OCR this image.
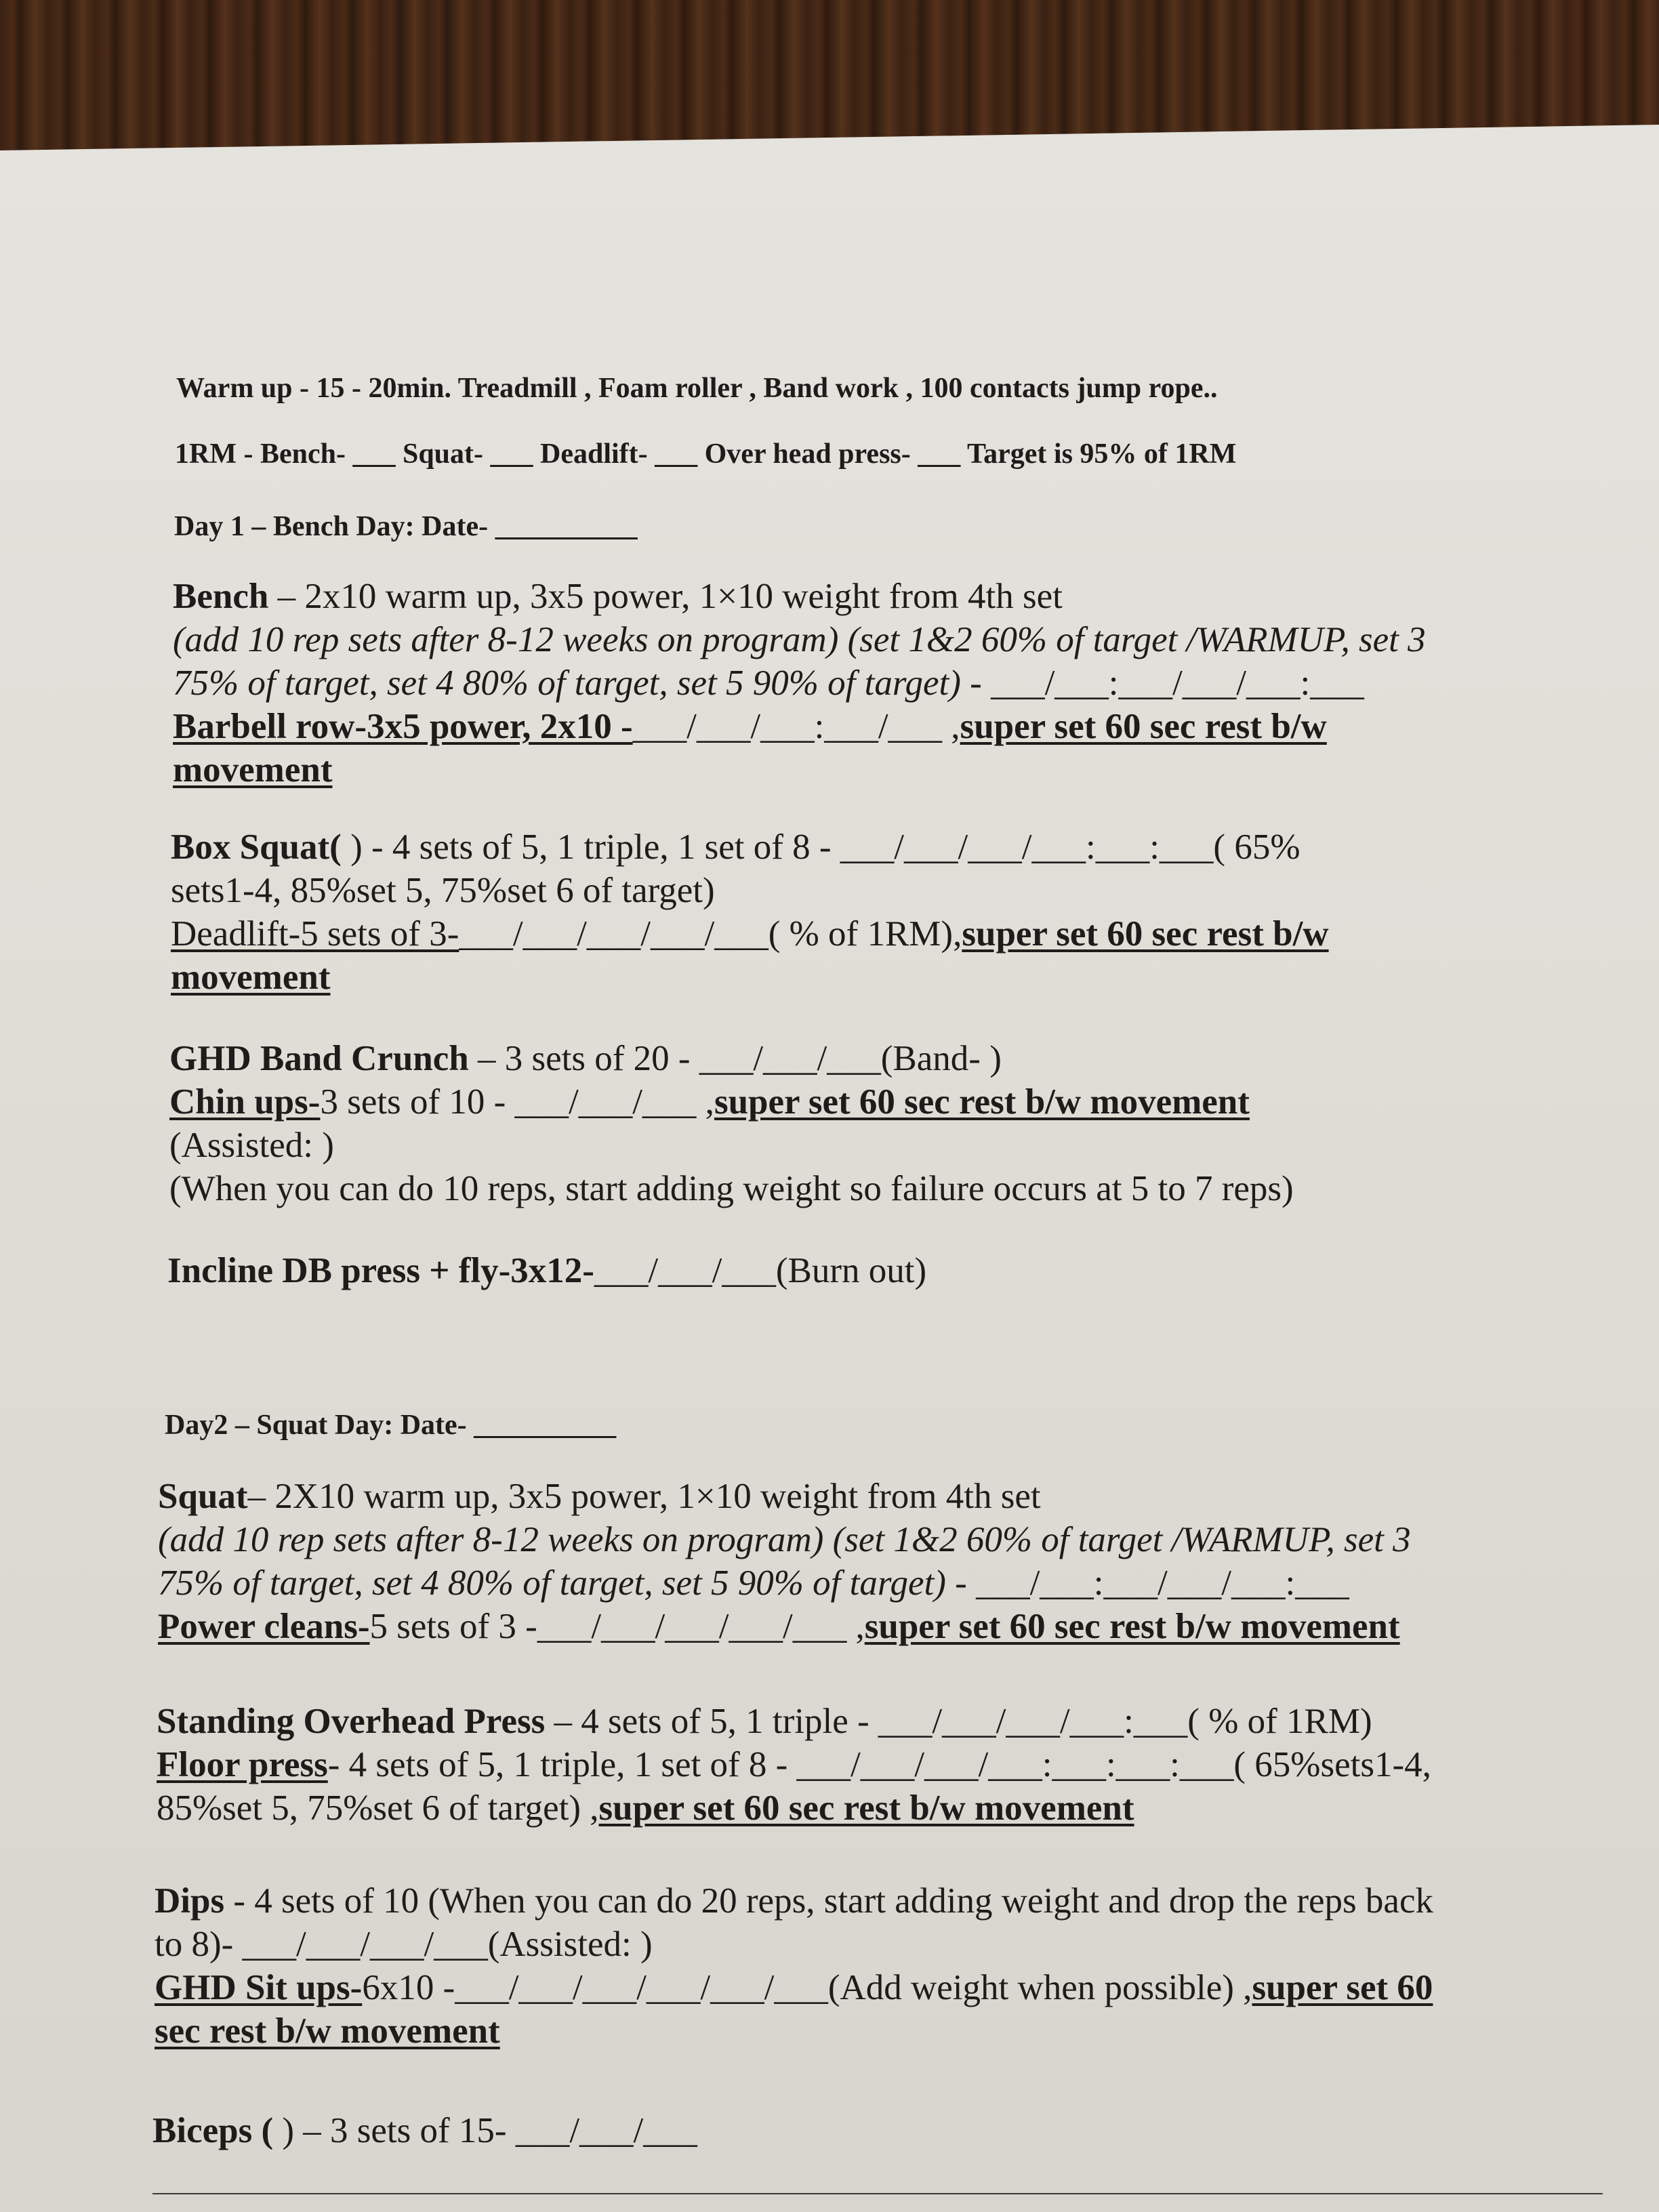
Warm up - 15 - 20min. Treadmill , Foam roller , Band work , 100 contacts jump rope..
1RM - Bench- ___ Squat- ___ Deadlift- ___ Over head press- ___ Target is 95% of 1RM
Day 1 – Bench Day: Date- __________
Bench – 2x10 warm up, 3x5 power, 1×10 weight from 4th set
(add 10 rep sets after 8-12 weeks on program) (set 1&2 60% of target /WARMUP, set 3
75% of target, set 4 80% of target, set 5 90% of target) - ___/___:___/___/___:___
Barbell row-3x5 power, 2x10 -___/___/___:___/___ ,super set 60 sec rest b/w
movement
Box Squat( ) - 4 sets of 5, 1 triple, 1 set of 8 - ___/___/___/___:___:___( 65%
sets1-4, 85%set 5, 75%set 6 of target)
Deadlift-5 sets of 3-___/___/___/___/___( % of 1RM),super set 60 sec rest b/w
movement
GHD Band Crunch – 3 sets of 20 - ___/___/___(Band- )
Chin ups-3 sets of 10 - ___/___/___ ,super set 60 sec rest b/w movement
(Assisted: )
(When you can do 10 reps, start adding weight so failure occurs at 5 to 7 reps)
Incline DB press + fly-3x12-___/___/___(Burn out)
Day2 – Squat Day: Date- __________
Squat– 2X10 warm up, 3x5 power, 1×10 weight from 4th set
(add 10 rep sets after 8-12 weeks on program) (set 1&2 60% of target /WARMUP, set 3
75% of target, set 4 80% of target, set 5 90% of target) - ___/___:___/___/___:___
Power cleans-5 sets of 3 -___/___/___/___/___ ,super set 60 sec rest b/w movement
Standing Overhead Press – 4 sets of 5, 1 triple - ___/___/___/___:___( % of 1RM)
Floor press- 4 sets of 5, 1 triple, 1 set of 8 - ___/___/___/___:___:___:___( 65%sets1-4,
85%set 5, 75%set 6 of target) ,super set 60 sec rest b/w movement
Dips - 4 sets of 10 (When you can do 20 reps, start adding weight and drop the reps back
to 8)- ___/___/___/___(Assisted: )
GHD Sit ups-6x10 -___/___/___/___/___/___(Add weight when possible) ,super set 60
sec rest b/w movement
Biceps ( ) – 3 sets of 15- ___/___/___
